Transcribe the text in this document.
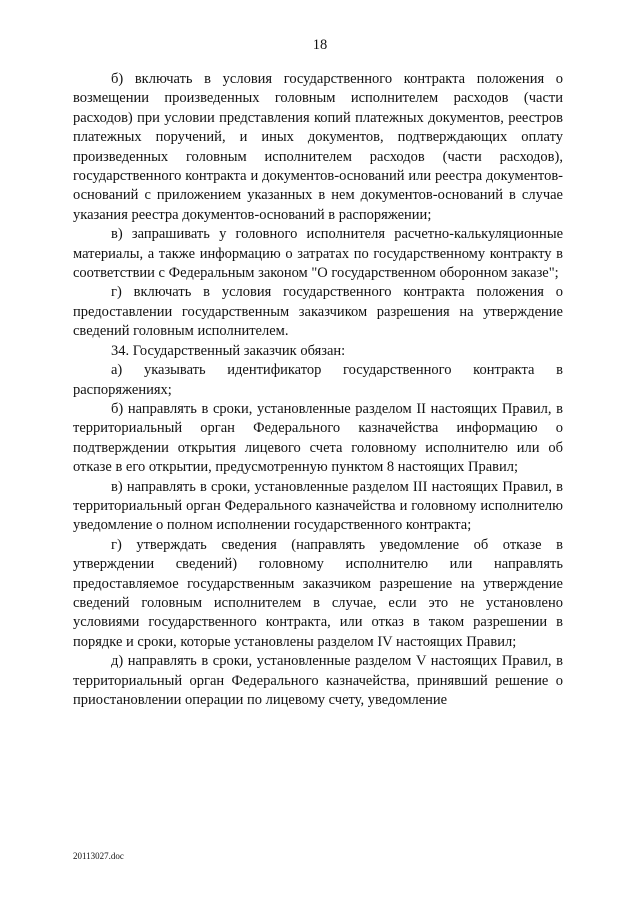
18

б) включать в условия государственного контракта положения о возмещении произведенных головным исполнителем расходов (части расходов) при условии представления копий платежных документов, реестров платежных поручений, и иных документов, подтверждающих оплату произведенных головным исполнителем расходов (части расходов), государственного контракта и документов-оснований или реестра документов-оснований с приложением указанных в нем документов-оснований в случае указания реестра документов-оснований в распоряжении;

в) запрашивать у головного исполнителя расчетно-калькуляционные материалы, а также информацию о затратах по государственному контракту в соответствии с Федеральным законом "О государственном оборонном заказе";

г) включать в условия государственного контракта положения о предоставлении государственным заказчиком разрешения на утверждение сведений головным исполнителем.

34. Государственный заказчик обязан:

а) указывать идентификатор государственного контракта в распоряжениях;

б) направлять в сроки, установленные разделом II настоящих Правил, в территориальный орган Федерального казначейства информацию о подтверждении открытия лицевого счета головному исполнителю или об отказе в его открытии, предусмотренную пунктом 8 настоящих Правил;

в) направлять в сроки, установленные разделом III настоящих Правил, в территориальный орган Федерального казначейства и головному исполнителю уведомление о полном исполнении государственного контракта;

г) утверждать сведения (направлять уведомление об отказе в утверждении сведений) головному исполнителю или направлять предоставляемое государственным заказчиком разрешение на утверждение сведений головным исполнителем в случае, если это не установлено условиями государственного контракта, или отказ в таком разрешении в порядке и сроки, которые установлены разделом IV настоящих Правил;

д) направлять в сроки, установленные разделом V настоящих Правил, в территориальный орган Федерального казначейства, принявший решение о приостановлении операции по лицевому счету, уведомление

20113027.doc
